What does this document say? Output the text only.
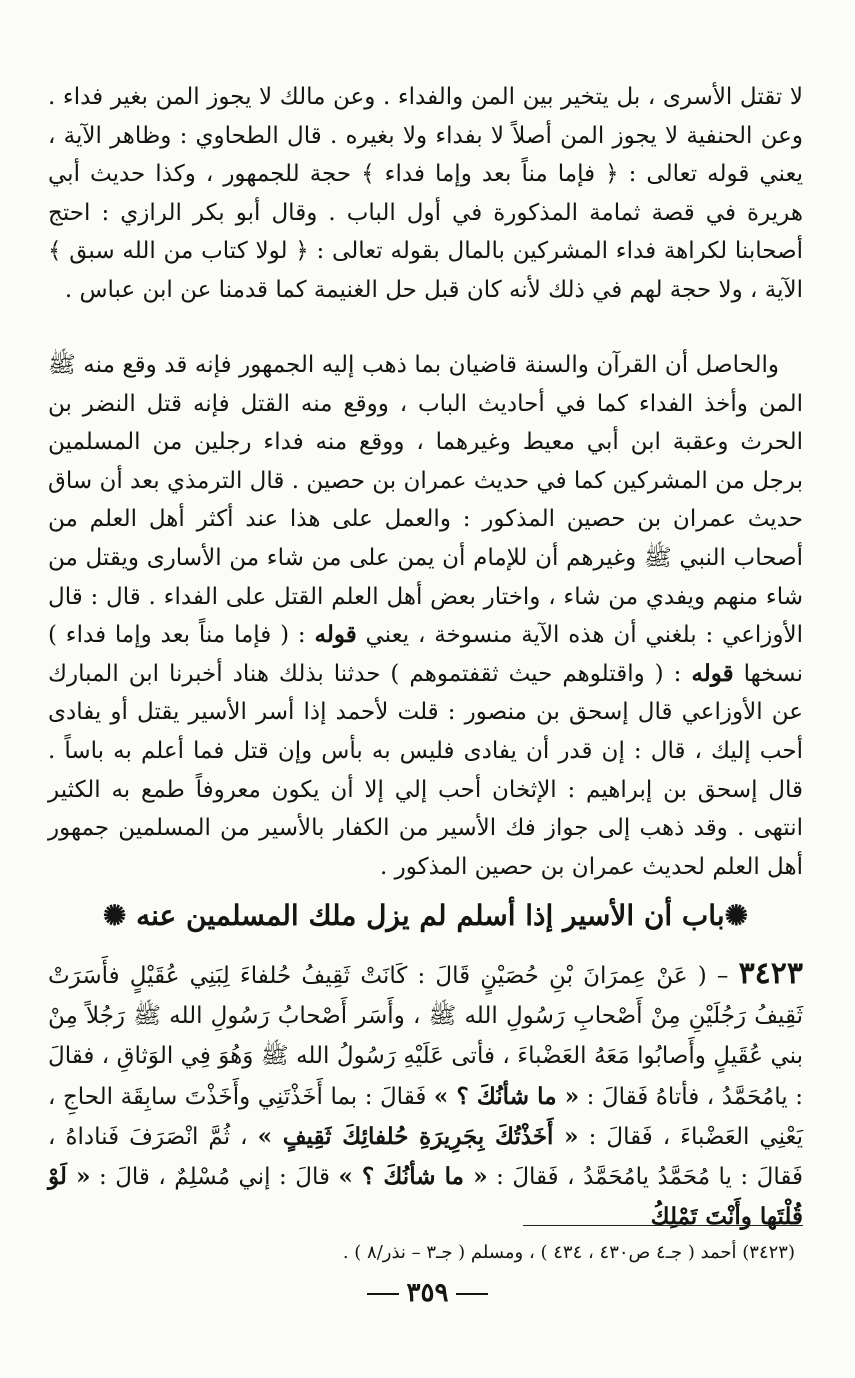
لا تقتل الأسرى ، بل يتخير بين المن والفداء . وعن مالك لا يجوز المن بغير فداء . وعن الحنفية لا يجوز المن أصلاً لا بفداء ولا بغيره . قال الطحاوي : وظاهر الآية ، يعني قوله تعالى : ﴿ فإما مناً بعد وإما فداء ﴾ حجة للجمهور ، وكذا حديث أبي هريرة في قصة ثمامة المذكورة في أول الباب . وقال أبو بكر الرازي : احتج أصحابنا لكراهة فداء المشركين بالمال بقوله تعالى : ﴿ لولا كتاب من الله سبق ﴾ الآية ، ولا حجة لهم في ذلك لأنه كان قبل حل الغنيمة كما قدمنا عن ابن عباس .
والحاصل أن القرآن والسنة قاضيان بما ذهب إليه الجمهور فإنه قد وقع منه ﷺ المن وأخذ الفداء كما في أحاديث الباب ، ووقع منه القتل فإنه قتل النضر بن الحرث وعقبة ابن أبي معيط وغيرهما ، ووقع منه فداء رجلين من المسلمين برجل من المشركين كما في حديث عمران بن حصين . قال الترمذي بعد أن ساق حديث عمران بن حصين المذكور : والعمل على هذا عند أكثر أهل العلم من أصحاب النبي ﷺ وغيرهم أن للإمام أن يمن على من شاء من الأسارى ويقتل من شاء منهم ويفدي من شاء ، واختار بعض أهل العلم القتل على الفداء . قال : قال الأوزاعي : بلغني أن هذه الآية منسوخة ، يعني قوله : ( فإما مناً بعد وإما فداء ) نسخها قوله : ( واقتلوهم حيث ثقفتموهم ) حدثنا بذلك هناد أخبرنا ابن المبارك عن الأوزاعي قال إسحق بن منصور : قلت لأحمد إذا أسر الأسير يقتل أو يفادى أحب إليك ، قال : إن قدر أن يفادى فليس به بأس وإن قتل فما أعلم به باساً . قال إسحق بن إبراهيم : الإثخان أحب إلي إلا أن يكون معروفاً طمع به الكثير انتهى . وقد ذهب إلى جواز فك الأسير من الكفار بالأسير من المسلمين جمهور أهل العلم لحديث عمران بن حصين المذكور .
✺باب أن الأسير إذا أسلم لم يزل ملك المسلمين عنه ✺
٣٤٢٣ – ( عَنْ عِمرَانَ بْنِ حُصَيْنٍ قَالَ : كَانَتْ ثَقِيفُ حُلفاءَ لِبَنِي عُقَيْلٍ فأَسَرَتْ ثَقِيفُ رَجُلَيْنِ مِنْ أَصْحابِ رَسُولِ الله ﷺ ، وأَسَر أَصْحابُ رَسُولِ الله ﷺ رَجُلاً مِنْ بني عُقَيلٍ وأَصابُوا مَعَهُ العَضْباءَ ، فأتى عَلَيْهِ رَسُولُ الله ﷺ وَهُوَ فِي الوَثاقِ ، فقالَ : يامُحَمَّدُ ، فأتاهُ فَقالَ : « ما شأنُكَ ؟ » فَقالَ : بما أَخَذْتَنِي وأَخَذْتَ سابِقَة الحاجِ ، يَعْنِي العَضْباءَ ، فَقالَ : « أَخَذْتُكَ بِجَرِيرَةِ حُلفائِكَ ثَقِيفٍ » ، ثُمَّ انْصَرَفَ فَناداهُ ، فَقالَ : يا مُحَمَّدُ يامُحَمَّدُ ، فَقالَ : « ما شأنُكَ ؟ » قالَ : إني مُسْلِمٌ ، قالَ : « لَوْ قُلْتَها وأَنْتَ تَمْلِكُ
(٣٤٢٣) أحمد ( جـ٤ ص٤٣٠ ، ٤٣٤ ) ، ومسلم ( جـ٣ – نذر/٨ ) .
٣٥٩
